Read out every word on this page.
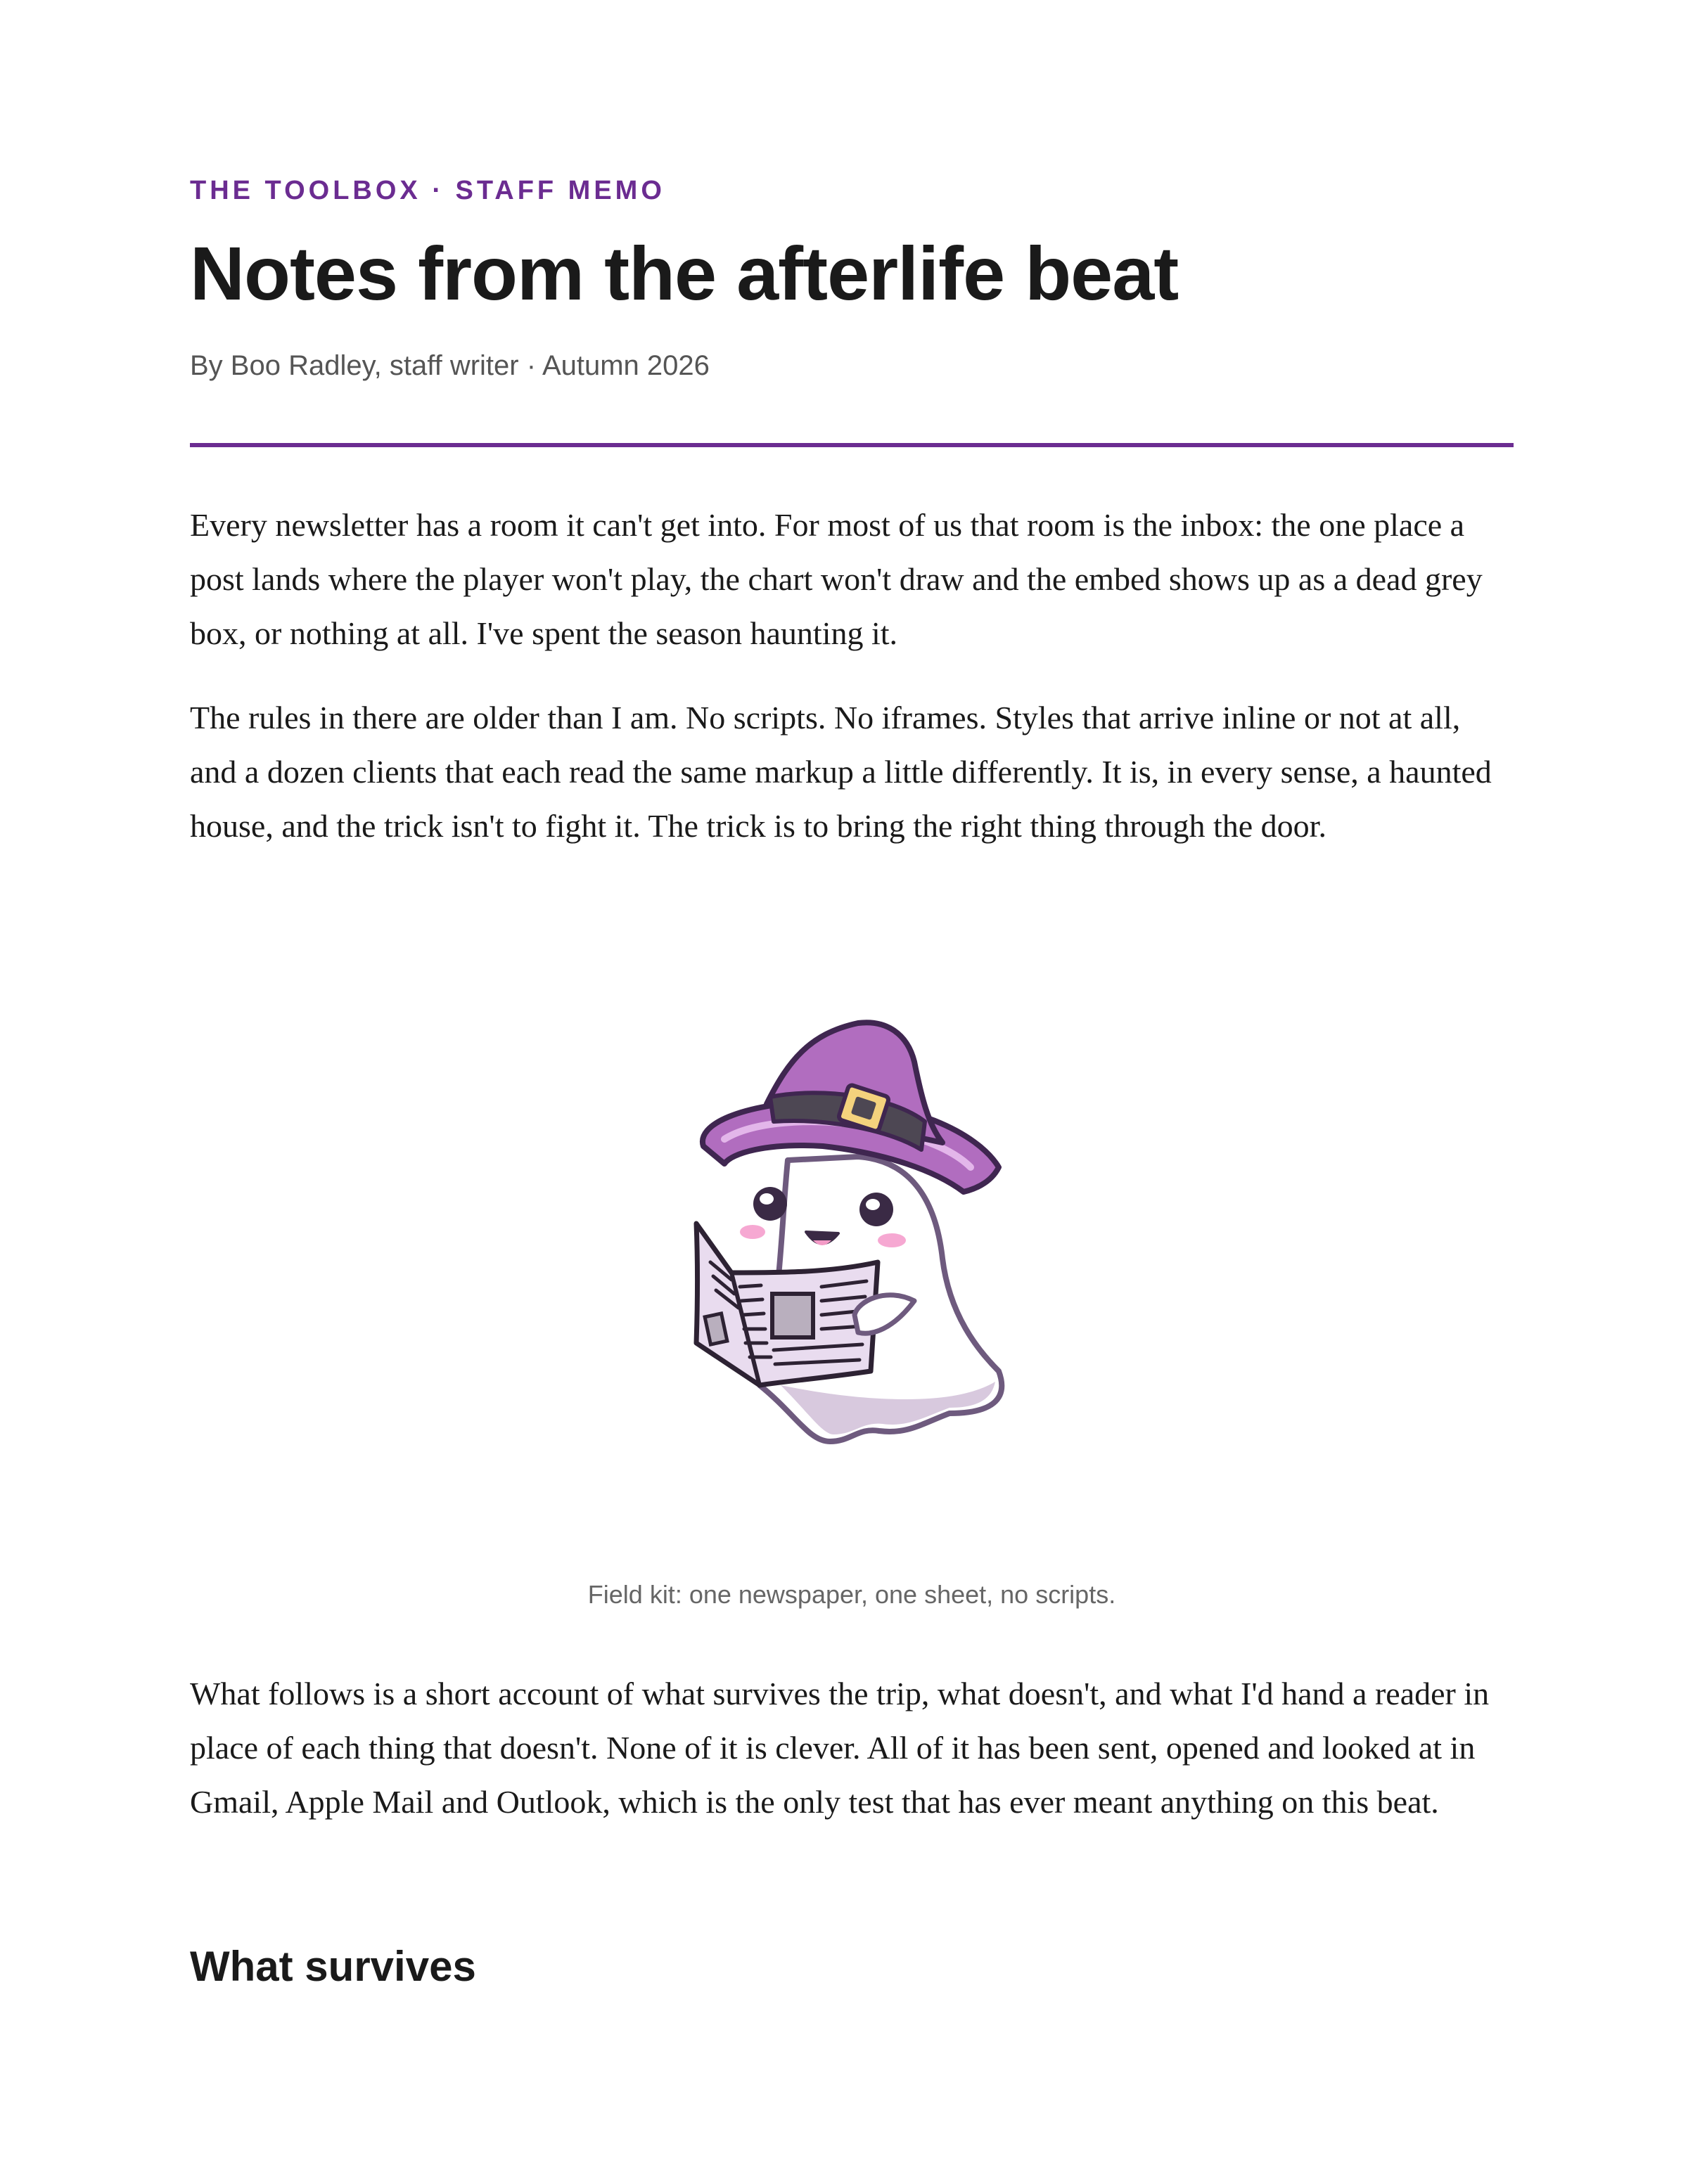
THE TOOLBOX · STAFF MEMO
Notes from the afterlife beat
By Boo Radley, staff writer · Autumn 2026

Every newsletter has a room it can't get into. For most of us that room is the inbox: the one place a post lands where the player won't play, the chart won't draw and the embed shows up as a dead grey box, or nothing at all. I've spent the season haunting it.

The rules in there are older than I am. No scripts. No iframes. Styles that arrive inline or not at all, and a dozen clients that each read the same markup a little differently. It is, in every sense, a haunted house, and the trick isn't to fight it. The trick is to bring the right thing through the door.

Field kit: one newspaper, one sheet, no scripts.

What follows is a short account of what survives the trip, what doesn't, and what I'd hand a reader in place of each thing that doesn't. None of it is clever. All of it has been sent, opened and looked at in Gmail, Apple Mail and Outlook, which is the only test that has ever meant anything on this beat.

What survives
